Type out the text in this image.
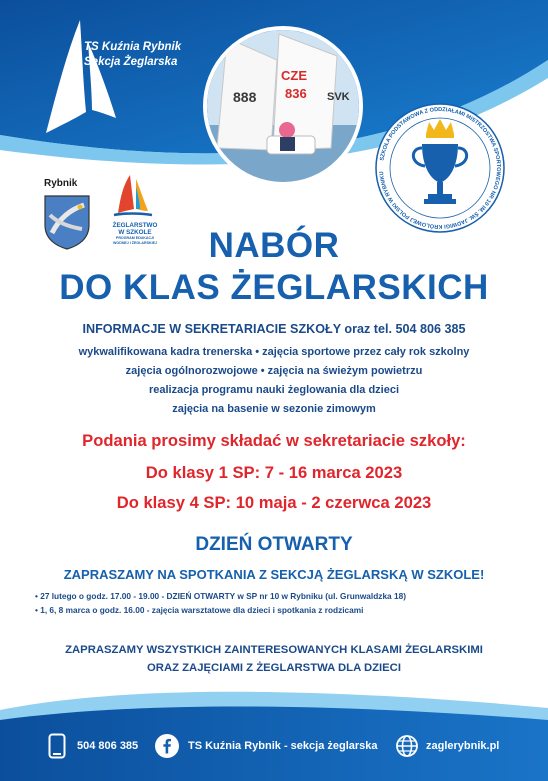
TS Kuźnia Rybnik
Sekcja Żeglarska
888
CZE
836 SVK
SZKOŁA PODSTAWOWA Z ODDZIAŁAMI MISTRZOSTWA SPORTOWEGO NR 10 IM. ŚW. JADWIGI KRÓLOWEJ POLSKI W RYBNIKU
Rybnik
ŻEGLARSTWO
W SZKOLE
PROGRAM EDUKACJI
WODNEJ I ŻEGLARSKIEJ	NABÓR
DO KLAS ŻEGLARSKICH
INFORMACJE W SEKRETARIACIE SZKOŁY oraz tel. 504 806 385
wykwalifikowana kadra trenerska • zajęcia sportowe przez cały rok szkolny
zajęcia ogólnorozwojowe • zajęcia na świeżym powietrzu
realizacja programu nauki żeglowania dla dzieci
zajęcia na basenie w sezonie zimowym
Podania prosimy składać w sekretariacie szkoły:
Do klasy 1 SP: 7 - 16 marca 2023
Do klasy 4 SP: 10 maja - 2 czerwca 2023
DZIEŃ OTWARTY
ZAPRASZAMY NA SPOTKANIA Z SEKCJĄ ŻEGLARSKĄ W SZKOLE!
• 27 lutego o godz. 17.00 - 19.00 - DZIEŃ OTWARTY w SP nr 10 w Rybniku (ul. Grunwaldzka 18)
• 1, 6, 8 marca o godz. 16.00 - zajęcia warsztatowe dla dzieci i spotkania z rodzicami
ZAPRASZAMY WSZYSTKICH ZAINTERESOWANYCH KLASAMI ŻEGLARSKIMI
ORAZ ZAJĘCIAMI Z ŻEGLARSTWA DLA DZIECI
504 806 385	TS Kuźnia Rybnik - sekcja żeglarska	zaglerybnik.pl
